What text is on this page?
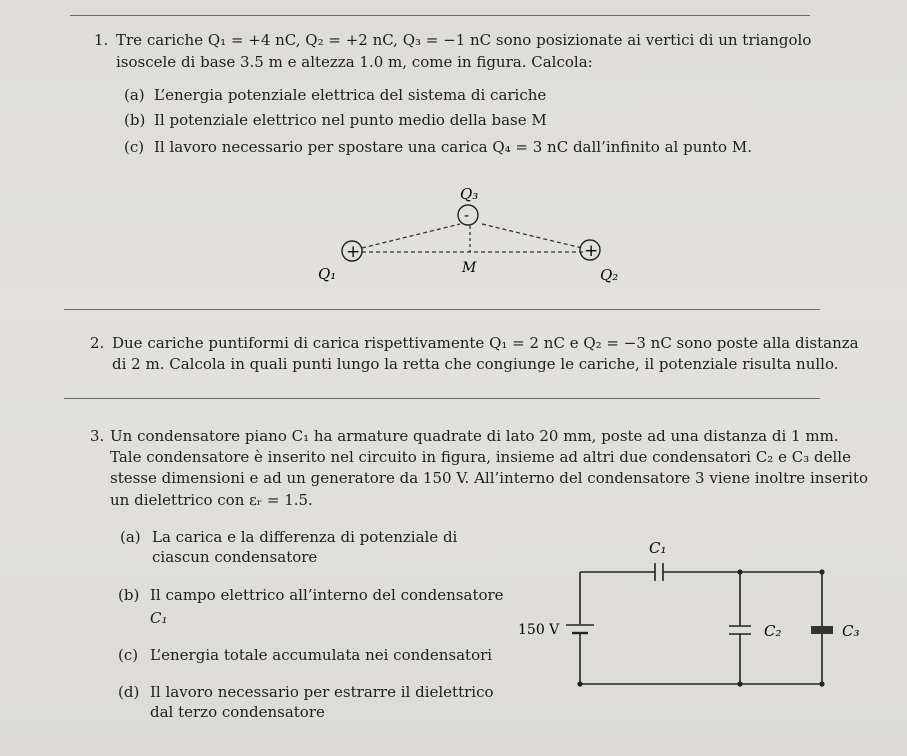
1. Tre cariche Q₁ = +4 nC, Q₂ = +2 nC, Q₃ = −1 nC sono posizionate ai vertici di un triangolo
isoscele di base 3.5 m e altezza 1.0 m, come in figura. Calcola:
(a) L’energia potenziale elettrica del sistema di cariche
(b) Il potenziale elettrico nel punto medio della base M
(c) Il lavoro necessario per spostare una carica Q₄ = 3 nC dall’infinito al punto M.
+	+
-
Q₁	Q₂
Q₃
M
2. Due cariche puntiformi di carica rispettivamente Q₁ = 2 nC e Q₂ = −3 nC sono poste alla distanza
di 2 m. Calcola in quali punti lungo la retta che congiunge le cariche, il potenziale risulta nullo.
3. Un condensatore piano C₁ ha armature quadrate di lato 20 mm, poste ad una distanza di 1 mm.
Tale condensatore è inserito nel circuito in figura, insieme ad altri due condensatori C₂ e C₃ delle
stesse dimensioni e ad un generatore da 150 V. All’interno del condensatore 3 viene inoltre inserito
un dielettrico con εᵣ = 1.5.
(a) La carica e la differenza di potenziale di
ciascun condensatore
(b) Il campo elettrico all’interno del condensatore
C₁
(c) L’energia totale accumulata nei condensatori
(d) Il lavoro necessario per estrarre il dielettrico
dal terzo condensatore
C₁
150 V	C₂	C₃
